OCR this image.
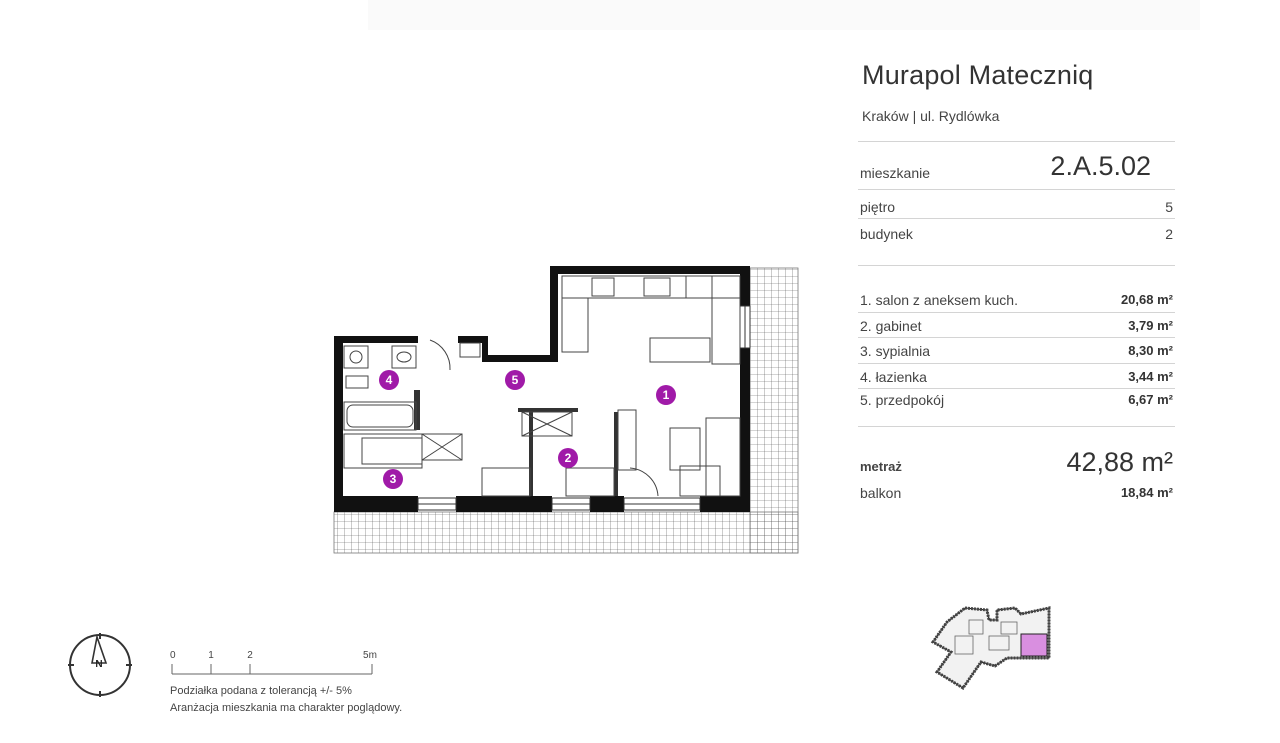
Murapol Mateczniq
Kraków | ul. Rydlówka
mieszkanie	2.A.5.02
piętro	5
budynek	2
1. salon z aneksem kuch.	20,68 m²
2. gabinet	3,79 m²
3. sypialnia	8,30 m²
4. łazienka	3,44 m²
5. przedpokój	6,67 m²
metraż	42,88 m²
balkon	18,84 m²
4	5
1
2
3
N
0	1	2	5m
Podziałka podana z tolerancją +/- 5%
Aranżacja mieszkania ma charakter poglądowy.
